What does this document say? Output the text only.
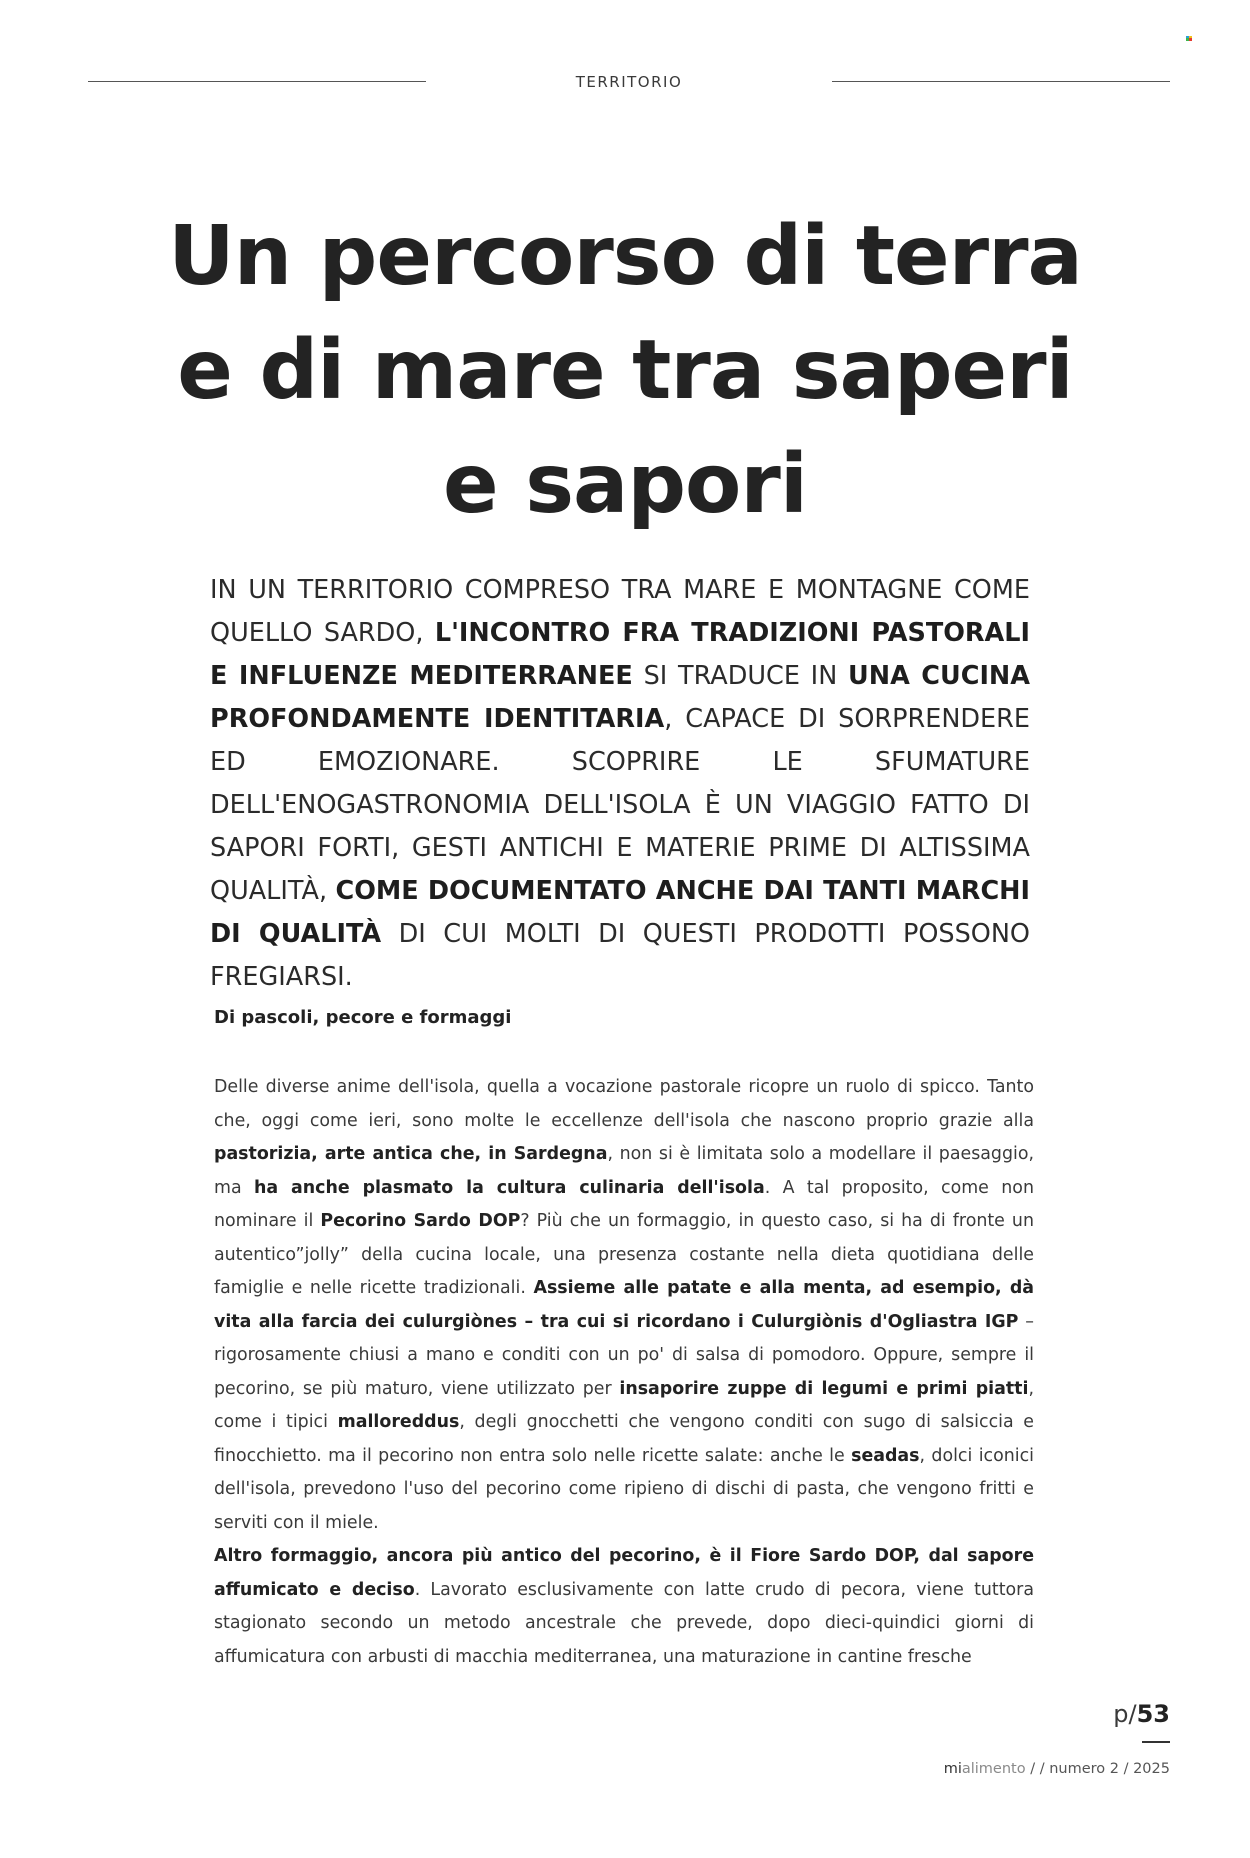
TERRITORIO
Un percorso di terra
e di mare tra saperi
e sapori

IN UN TERRITORIO COMPRESO TRA MARE E MONTAGNE COME QUELLO SARDO, L'INCONTRO FRA TRADIZIONI PASTORALI E INFLUENZE MEDITERRANEE SI TRADUCE IN UNA CUCINA PROFONDAMENTE IDENTITARIA, CAPACE DI SORPRENDERE ED EMOZIONARE. SCOPRIRE LE SFUMATURE DELL'ENOGASTRONOMIA DELL'ISOLA È UN VIAGGIO FATTO DI SAPORI FORTI, GESTI ANTICHI E MATERIE PRIME DI ALTISSIMA QUALITÀ, COME DOCUMENTATO ANCHE DAI TANTI MARCHI DI QUALITÀ DI CUI MOLTI DI QUESTI PRODOTTI POSSONO FREGIARSI.

Di pascoli, pecore e formaggi

Delle diverse anime dell'isola, quella a vocazione pastorale ricopre un ruolo di spicco. Tanto che, oggi come ieri, sono molte le eccellenze dell'isola che nascono proprio grazie alla pastorizia, arte antica che, in Sardegna, non si è limitata solo a modellare il paesaggio, ma ha anche plasmato la cultura culinaria dell'isola. A tal proposito, come non nominare il Pecorino Sardo DOP? Più che un formaggio, in questo caso, si ha di fronte un autentico”jolly” della cucina locale, una presenza costante nella dieta quotidiana delle famiglie e nelle ricette tradizionali. Assieme alle patate e alla menta, ad esempio, dà vita alla farcia dei culurgiònes – tra cui si ricordano i Culurgiònis d'Ogliastra IGP – rigorosamente chiusi a mano e conditi con un po' di salsa di pomodoro. Oppure, sempre il pecorino, se più maturo, viene utilizzato per insaporire zuppe di legumi e primi piatti, come i tipici malloreddus, degli gnocchetti che vengono conditi con sugo di salsiccia e finocchietto. ma il pecorino non entra solo nelle ricette salate: anche le seadas, dolci iconici dell'isola, prevedono l'uso del pecorino come ripieno di dischi di pasta, che vengono fritti e serviti con il miele.

Altro formaggio, ancora più antico del pecorino, è il Fiore Sardo DOP, dal sapore affumicato e deciso. Lavorato esclusivamente con latte crudo di pecora, viene tuttora stagionato secondo un metodo ancestrale che prevede, dopo dieci-quindici giorni di affumicatura con arbusti di macchia mediterranea, una maturazione in cantine fresche

p/53
mialimento / / numero 2 / 2025
